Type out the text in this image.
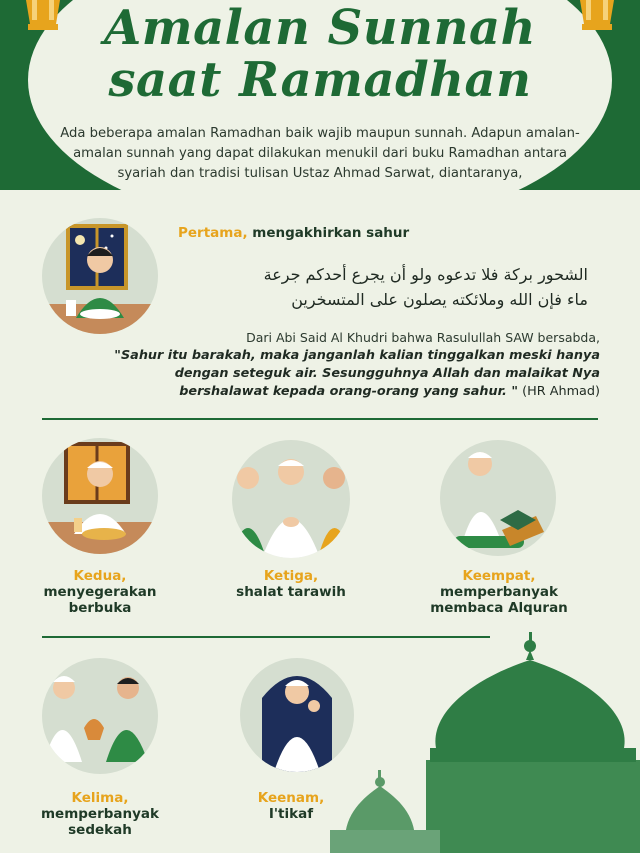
Amalan Sunnah
saat Ramadhan
Ada beberapa amalan Ramadhan baik wajib maupun sunnah. Adapun amalan-amalan sunnah yang dapat dilakukan menukil dari buku Ramadhan antara syariah dan tradisi tulisan Ustaz Ahmad Sarwat, diantaranya,
Pertama, mengakhirkan sahur
الشحور بركة فلا تدعوه ولو أن يجرع أحدكم جرعة
ماء فإن الله وملائكته يصلون على المتسخرين
Dari Abi Said Al Khudri bahwa Rasulullah SAW bersabda,
"Sahur itu barakah, maka janganlah kalian tinggalkan meski hanya dengan seteguk air. Sesungguhnya Allah dan malaikat Nya bershalawat kepada orang-orang yang sahur. " (HR Ahmad)
Kedua,
menyegerakan
berbuka
Ketiga,
shalat tarawih
Keempat,
memperbanyak
membaca Alquran
Kelima,
memperbanyak
sedekah
Keenam,
I'tikaf
